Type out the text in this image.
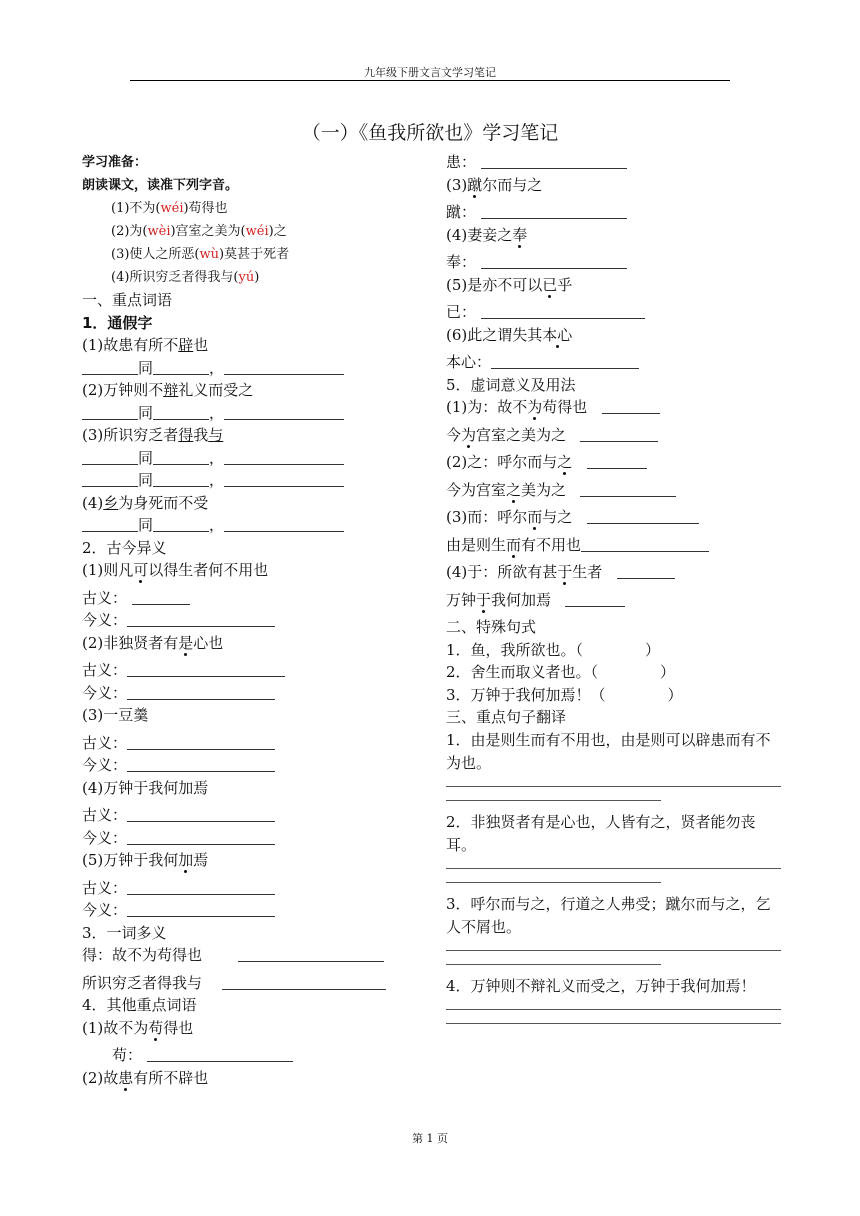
九年级下册文言文学习笔记
（一）《鱼我所欲也》学习笔记
学习准备：
朗读课文，读准下列字音。
(1)不为(wéi)苟得也
(2)为(wèi)宫室之美为(wéi)之
(3)使人之所恶(wù)莫甚于死者
(4)所识穷乏者得我与(yú)
一、重点词语
1．通假字
(1)故患有所不辟也
同	，
(2)万钟则不辩礼义而受之
同	，
(3)所识穷乏者得我与
同	，
同	，
(4)乡为身死而不受
同	，
2．古今异义
(1)则凡可以得生者何不用也
古义：
今义：
(2)非独贤者有是心也
古义：
今义：
(3)一豆羹
古义：
今义：
(4)万钟于我何加焉
古义：
今义：
(5)万钟于我何加焉
古义：
今义：
3．一词多义
得：故不为苟得也
所识穷乏者得我与
4．其他重点词语
(1)故不为苟得也
苟：
(2)故患有所不辟也
患：
(3)蹴尔而与之
蹴：
(4)妻妾之奉
奉：
(5)是亦不可以已乎
已：
(6)此之谓失其本心
本心：
5．虚词意义及用法
(1)为：故不为苟得也
今为宫室之美为之
(2)之：呼尔而与之
今为宫室之美为之
(3)而：呼尔而与之
由是则生而有不用也
(4)于：所欲有甚于生者
万钟于我何加焉
二、特殊句式
1．鱼，我所欲也。（	）
2．舍生而取义者也。（	）
3．万钟于我何加焉！（	）
三、重点句子翻译
1．由是则生而有不用也，由是则可以辟患而有不为也。
2．非独贤者有是心也，人皆有之，贤者能勿丧耳。
3．呼尔而与之，行道之人弗受；蹴尔而与之，乞人不屑也。
4．万钟则不辩礼义而受之，万钟于我何加焉！
第 1 页
